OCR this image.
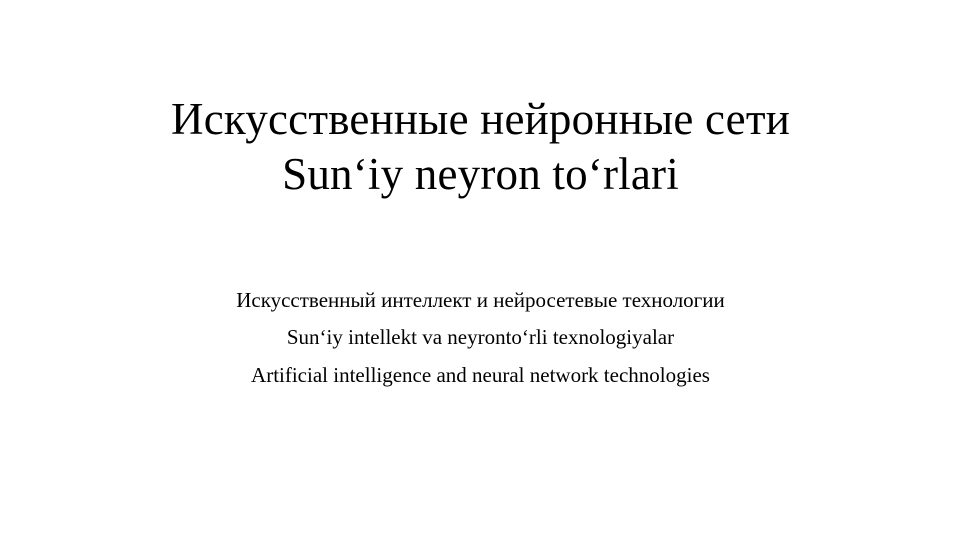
Искусственные нейронные сети
Sun‘iy neyron to‘rlari
Искусственный интеллект и нейросетевые технологии
Sun‘iy intellekt va neyronto‘rli texnologiyalar
Artificial intelligence and neural network technologies
